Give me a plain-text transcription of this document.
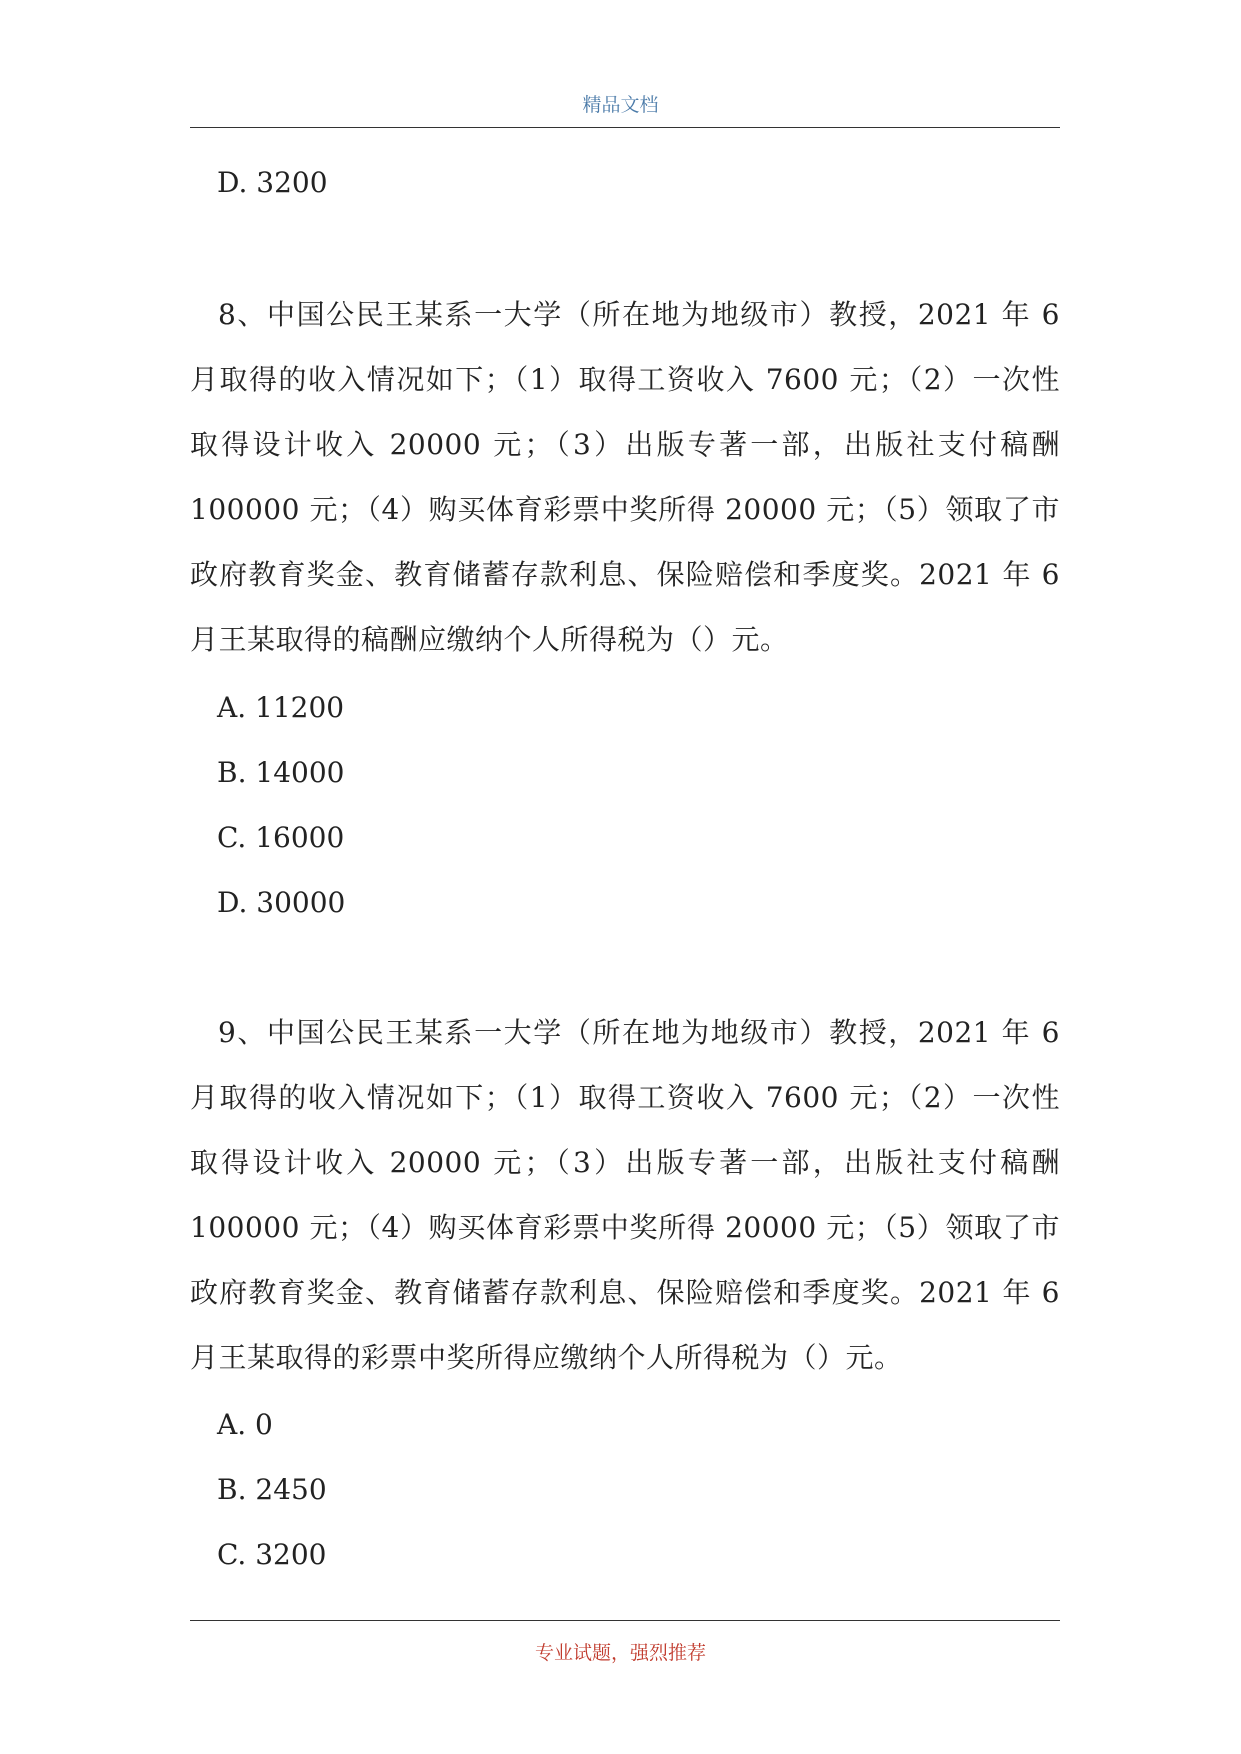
精品文档
D. 3200
8、中国公民王某系一大学（所在地为地级市）教授，2021 年 6 月取得的收入情况如下；（1）取得工资收入 7600 元；（2）一次性取得设计收入 20000 元；（3）出版专著一部，出版社支付稿酬 100000 元；（4）购买体育彩票中奖所得 20000 元；（5）领取了市政府教育奖金、教育储蓄存款利息、保险赔偿和季度奖。2021 年 6 月王某取得的稿酬应缴纳个人所得税为（）元。
A. 11200
B. 14000
C. 16000
D. 30000
9、中国公民王某系一大学（所在地为地级市）教授，2021 年 6 月取得的收入情况如下；（1）取得工资收入 7600 元；（2）一次性取得设计收入 20000 元；（3）出版专著一部，出版社支付稿酬 100000 元；（4）购买体育彩票中奖所得 20000 元；（5）领取了市政府教育奖金、教育储蓄存款利息、保险赔偿和季度奖。2021 年 6 月王某取得的彩票中奖所得应缴纳个人所得税为（）元。
A. 0
B. 2450
C. 3200
专业试题，强烈推荐
